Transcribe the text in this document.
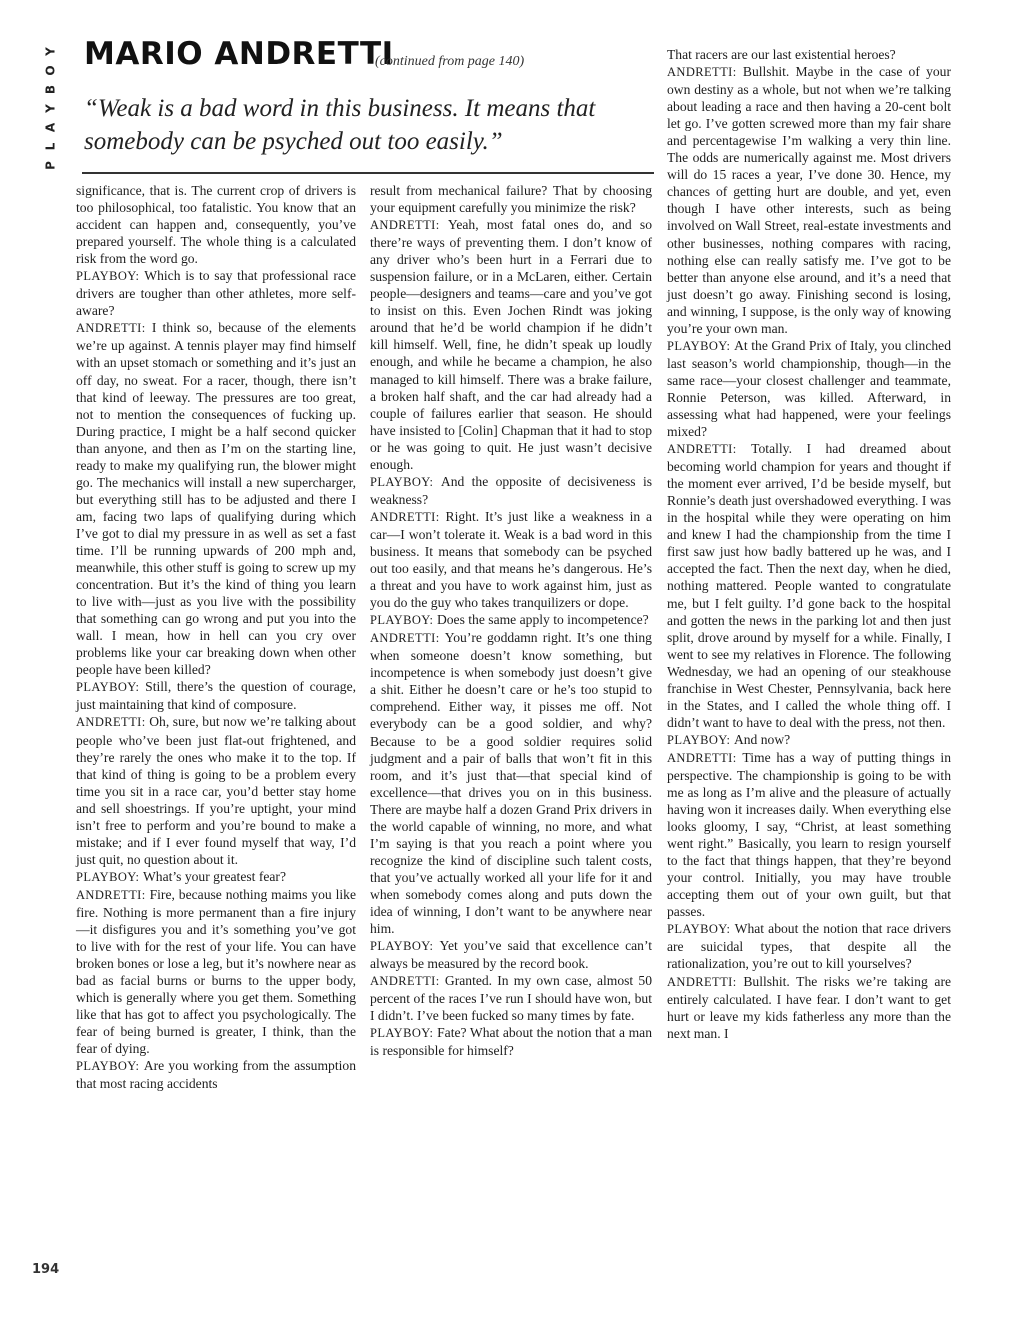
Y
O
B
Y
A
L
P
MARIO ANDRETTI
(continued from page 140)
“Weak is a bad word in this business. It means that somebody can be psyched out too easily.”

significance, that is. The current crop of drivers is too philosophical, too fatalistic. You know that an accident can happen and, consequently, you’ve prepared yourself. The whole thing is a calculated risk from the word go.

PLAYBOY: Which is to say that professional race drivers are tougher than other athletes, more self-aware?

ANDRETTI: I think so, because of the elements we’re up against. A tennis player may find himself with an upset stomach or something and it’s just an off day, no sweat. For a racer, though, there isn’t that kind of leeway. The pressures are too great, not to mention the consequences of fucking up. During practice, I might be a half second quicker than anyone, and then as I’m on the starting line, ready to make my qualifying run, the blower might go. The mechanics will install a new supercharger, but everything still has to be adjusted and there I am, facing two laps of qualifying during which I’ve got to dial my pressure in as well as set a fast time. I’ll be running upwards of 200 mph and, meanwhile, this other stuff is going to screw up my concentration. But it’s the kind of thing you learn to live with—just as you live with the possibility that something can go wrong and put you into the wall. I mean, how in hell can you cry over problems like your car breaking down when other people have been killed?

PLAYBOY: Still, there’s the question of courage, just maintaining that kind of composure.

ANDRETTI: Oh, sure, but now we’re talking about people who’ve been just flat-out frightened, and they’re rarely the ones who make it to the top. If that kind of thing is going to be a problem every time you sit in a race car, you’d better stay home and sell shoestrings. If you’re uptight, your mind isn’t free to perform and you’re bound to make a mistake; and if I ever found myself that way, I’d just quit, no question about it.

PLAYBOY: What’s your greatest fear?

ANDRETTI: Fire, because nothing maims you like fire. Nothing is more permanent than a fire injury—it disfigures you and it’s something you’ve got to live with for the rest of your life. You can have broken bones or lose a leg, but it’s nowhere near as bad as facial burns or burns to the upper body, which is generally where you get them. Something like that has got to affect you psychologically. The fear of being burned is greater, I think, than the fear of dying.

PLAYBOY: Are you working from the assumption that most racing accidents

result from mechanical failure? That by choosing your equipment carefully you minimize the risk?

ANDRETTI: Yeah, most fatal ones do, and so there’re ways of preventing them. I don’t know of any driver who’s been hurt in a Ferrari due to suspension failure, or in a McLaren, either. Certain people—designers and teams—care and you’ve got to insist on this. Even Jochen Rindt was joking around that he’d be world champion if he didn’t kill himself. Well, fine, he didn’t speak up loudly enough, and while he became a champion, he also managed to kill himself. There was a brake failure, a broken half shaft, and the car had already had a couple of failures earlier that season. He should have insisted to [Colin] Chapman that it had to stop or he was going to quit. He just wasn’t decisive enough.

PLAYBOY: And the opposite of decisiveness is weakness?

ANDRETTI: Right. It’s just like a weakness in a car—I won’t tolerate it. Weak is a bad word in this business. It means that somebody can be psyched out too easily, and that means he’s dangerous. He’s a threat and you have to work against him, just as you do the guy who takes tranquilizers or dope.

PLAYBOY: Does the same apply to incompetence?

ANDRETTI: You’re goddamn right. It’s one thing when someone doesn’t know something, but incompetence is when somebody just doesn’t give a shit. Either he doesn’t care or he’s too stupid to comprehend. Either way, it pisses me off. Not everybody can be a good soldier, and why? Because to be a good soldier requires solid judgment and a pair of balls that won’t fit in this room, and it’s just that—that special kind of excellence—that drives you on in this business. There are maybe half a dozen Grand Prix drivers in the world capable of winning, no more, and what I’m saying is that you reach a point where you recognize the kind of discipline such talent costs, that you’ve actually worked all your life for it and when somebody comes along and puts down the idea of winning, I don’t want to be anywhere near him.

PLAYBOY: Yet you’ve said that excellence can’t always be measured by the record book.

ANDRETTI: Granted. In my own case, almost 50 percent of the races I’ve run I should have won, but I didn’t. I’ve been fucked so many times by fate.

PLAYBOY: Fate? What about the notion that a man is responsible for himself?

That racers are our last existential heroes?

ANDRETTI: Bullshit. Maybe in the case of your own destiny as a whole, but not when we’re talking about leading a race and then having a 20-cent bolt let go. I’ve gotten screwed more than my fair share and percentagewise I’m walking a very thin line. The odds are numerically against me. Most drivers will do 15 races a year, I’ve done 30. Hence, my chances of getting hurt are double, and yet, even though I have other interests, such as being involved on Wall Street, real-estate investments and other businesses, nothing compares with racing, nothing else can really satisfy me. I’ve got to be better than anyone else around, and it’s a need that just doesn’t go away. Finishing second is losing, and winning, I suppose, is the only way of knowing you’re your own man.

PLAYBOY: At the Grand Prix of Italy, you clinched last season’s world championship, though—in the same race—your closest challenger and teammate, Ronnie Peterson, was killed. Afterward, in assessing what had happened, were your feelings mixed?

ANDRETTI: Totally. I had dreamed about becoming world champion for years and thought if the moment ever arrived, I’d be beside myself, but Ronnie’s death just overshadowed everything. I was in the hospital while they were operating on him and knew I had the championship from the time I first saw just how badly battered up he was, and I accepted the fact. Then the next day, when he died, nothing mattered. People wanted to congratulate me, but I felt guilty. I’d gone back to the hospital and gotten the news in the parking lot and then just split, drove around by myself for a while. Finally, I went to see my relatives in Florence. The following Wednesday, we had an opening of our steakhouse franchise in West Chester, Pennsylvania, back here in the States, and I called the whole thing off. I didn’t want to have to deal with the press, not then.

PLAYBOY: And now?

ANDRETTI: Time has a way of putting things in perspective. The championship is going to be with me as long as I’m alive and the pleasure of actually having won it increases daily. When everything else looks gloomy, I say, “Christ, at least something went right.” Basically, you learn to resign yourself to the fact that things happen, that they’re beyond your control. Initially, you may have trouble accepting them out of your own guilt, but that passes.

PLAYBOY: What about the notion that race drivers are suicidal types, that despite all the rationalization, you’re out to kill yourselves?

ANDRETTI: Bullshit. The risks we’re taking are entirely calculated. I have fear. I don’t want to get hurt or leave my kids fatherless any more than the next man. I

194
